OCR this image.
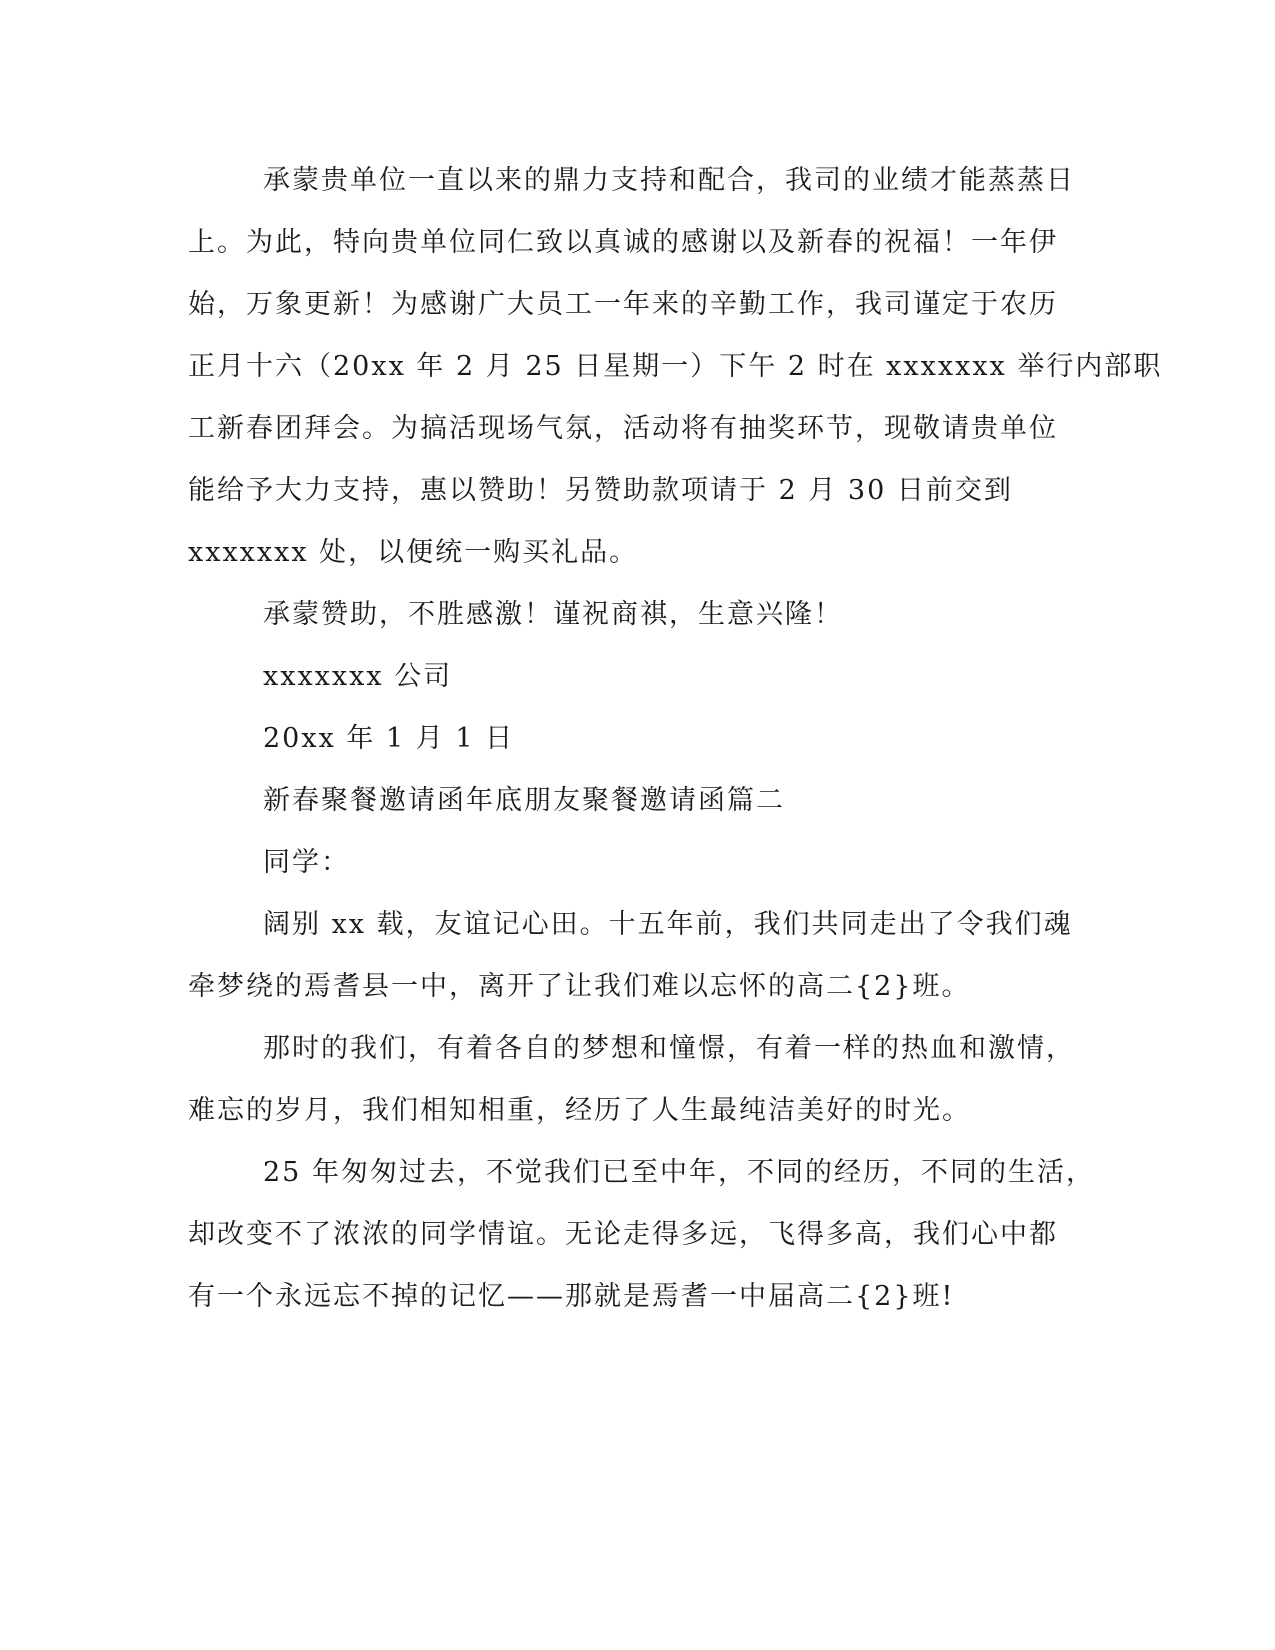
承蒙贵单位一直以来的鼎力支持和配合，我司的业绩才能蒸蒸日
上。为此，特向贵单位同仁致以真诚的感谢以及新春的祝福！一年伊
始，万象更新！为感谢广大员工一年来的辛勤工作，我司谨定于农历
正月十六（20xx 年 2 月 25 日星期一）下午 2 时在 xxxxxxx 举行内部职
工新春团拜会。为搞活现场气氛，活动将有抽奖环节，现敬请贵单位
能给予大力支持，惠以赞助！另赞助款项请于 2 月 30 日前交到
xxxxxxx 处，以便统一购买礼品。
承蒙赞助，不胜感激！谨祝商祺，生意兴隆！
xxxxxxx 公司
20xx 年 1 月 1 日
新春聚餐邀请函年底朋友聚餐邀请函篇二
同学：
阔别 xx 载，友谊记心田。十五年前，我们共同走出了令我们魂
牵梦绕的焉耆县一中，离开了让我们难以忘怀的高二{2}班。
那时的我们，有着各自的梦想和憧憬，有着一样的热血和激情，
难忘的岁月，我们相知相重，经历了人生最纯洁美好的时光。
25 年匆匆过去，不觉我们已至中年，不同的经历，不同的生活，
却改变不了浓浓的同学情谊。无论走得多远，飞得多高，我们心中都
有一个永远忘不掉的记忆——那就是焉耆一中届高二{2}班!
